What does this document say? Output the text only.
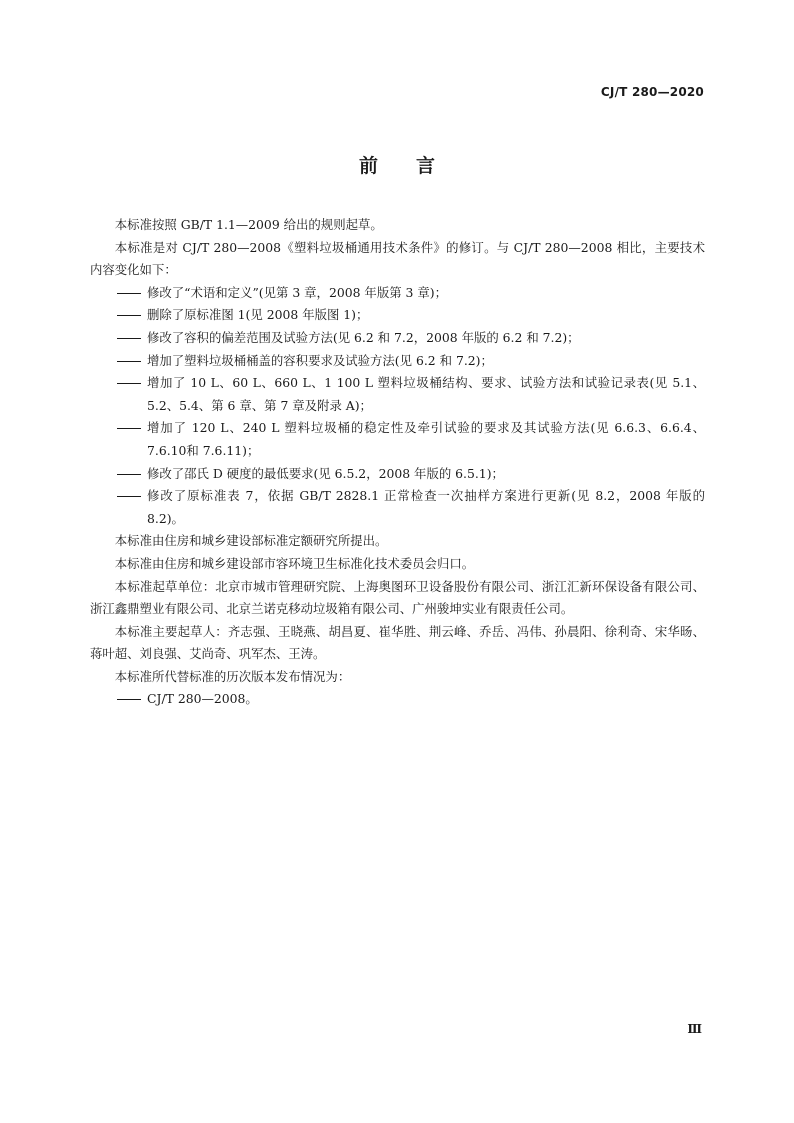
CJ/T 280—2020
前言

本标准按照 GB/T 1.1—2009 给出的规则起草。

本标准是对 CJ/T 280—2008《塑料垃圾桶通用技术条件》的修订。与 CJ/T 280—2008 相比，主要技术内容变化如下：

修改了“术语和定义”(见第 3 章，2008 年版第 3 章)；

删除了原标准图 1(见 2008 年版图 1)；

修改了容积的偏差范围及试验方法(见 6.2 和 7.2，2008 年版的 6.2 和 7.2)；

增加了塑料垃圾桶桶盖的容积要求及试验方法(见 6.2 和 7.2)；

增加了 10 L、60 L、660 L、1 100 L 塑料垃圾桶结构、要求、试验方法和试验记录表(见 5.1、5.2、5.4、第 6 章、第 7 章及附录 A)；

增加了 120 L、240 L 塑料垃圾桶的稳定性及牵引试验的要求及其试验方法(见 6.6.3、6.6.4、7.6.10和 7.6.11)；

修改了邵氏 D 硬度的最低要求(见 6.5.2，2008 年版的 6.5.1)；

修改了原标准表 7，依据 GB/T 2828.1 正常检查一次抽样方案进行更新(见 8.2，2008 年版的 8.2)。

本标准由住房和城乡建设部标准定额研究所提出。

本标准由住房和城乡建设部市容环境卫生标准化技术委员会归口。

本标准起草单位：北京市城市管理研究院、上海奥图环卫设备股份有限公司、浙江汇新环保设备有限公司、浙江鑫鼎塑业有限公司、北京兰诺克移动垃圾箱有限公司、广州骏坤实业有限责任公司。

本标准主要起草人：齐志强、王晓燕、胡昌夏、崔华胜、荆云峰、乔岳、冯伟、孙晨阳、徐利奇、宋华旸、蒋叶超、刘良强、艾尚奇、巩军杰、王涛。

本标准所代替标准的历次版本发布情况为：

CJ/T 280—2008。

Ⅲ
